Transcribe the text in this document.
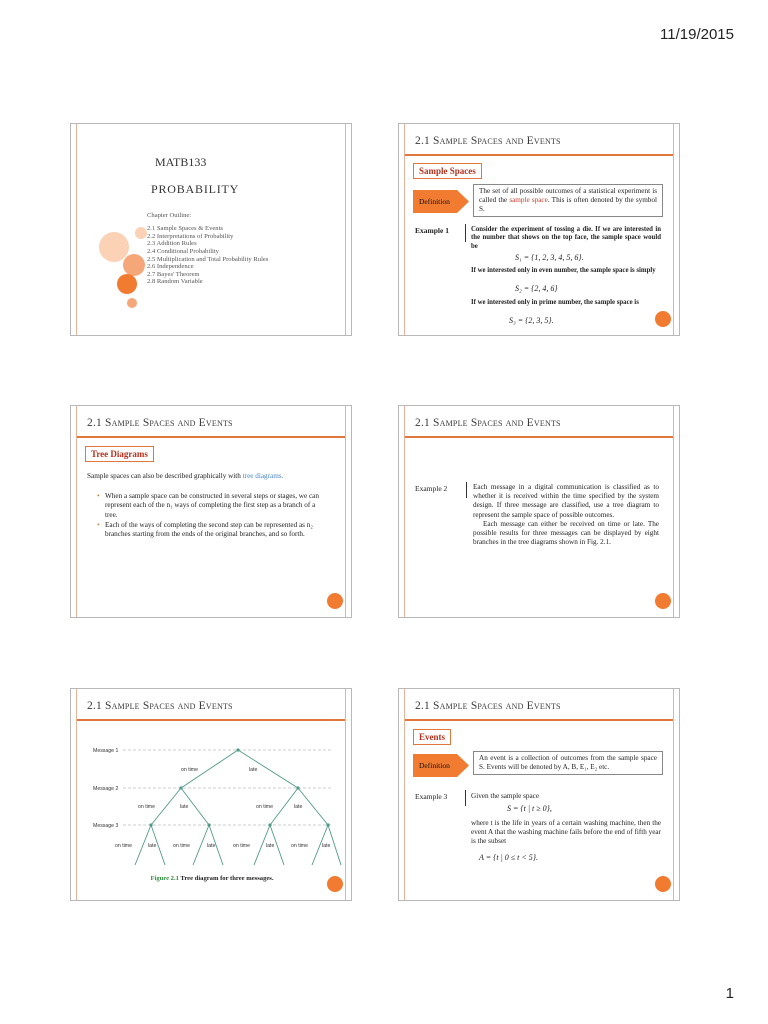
11/19/2015
MATB133
PROBABILITY
Chapter Outline:
2.1 Sample Spaces & Events
2.2 Interpretations of Probability
2.3 Addition Rules
2.4 Conditional Probability
2.5 Multiplication and Total Probability Rules
2.6 Independence
2.7 Bayes' Theorem
2.8 Random Variable
2.1 Sample Spaces and Events
Sample Spaces
Definition
The set of all possible outcomes of a statistical experiment is called the sample space. This is often denoted by the symbol S.
Example 1	Consider the experiment of tossing a die. If we are interested in the number that shows on the top face, the sample space would be
S₁ = {1, 2, 3, 4, 5, 6}.
If we interested only in even number, the sample space is simply
S₂ = {2, 4, 6}
If we interested only in prime number, the sample space is
S₃ = {2, 3, 5}.
2.1 Sample Spaces and Events
Tree Diagrams
Sample spaces can also be described graphically with tree diagrams.
• When a sample space can be constructed in several steps or stages, we can represent each of the n₁ ways of completing the first step as a branch of a tree.
• Each of the ways of completing the second step can be represented as n₂ branches starting from the ends of the original branches, and so forth.
2.1 Sample Spaces and Events
Example 2	Each message in a digital communication is classified as to whether it is received within the time specified by the system design. If three message are classified, use a tree diagram to represent the sample space of possible outcomes.
Each message can either be received on time or late. The possible results for three messages can be displayed by eight branches in the tree diagrams shown in Fig. 2.1.
2.1 Sample Spaces and Events
Message 1
Message 2
Message 3
on time	late
on time	late	on time	late
on time	late	on time	late	on time	late	on time	late
Figure 2.1 Tree diagram for three messages.
2.1 Sample Spaces and Events
Events
Definition
An event is a collection of outcomes from the sample space S. Events will be denoted by A, B, E₁, E₂ etc.
Example 3	Given the sample space
S = {t | t ≥ 0},
where t is the life in years of a certain washing machine, then the event A that the washing machine fails before the end of fifth year is the subset
A = {t | 0 ≤ t < 5}.
1
